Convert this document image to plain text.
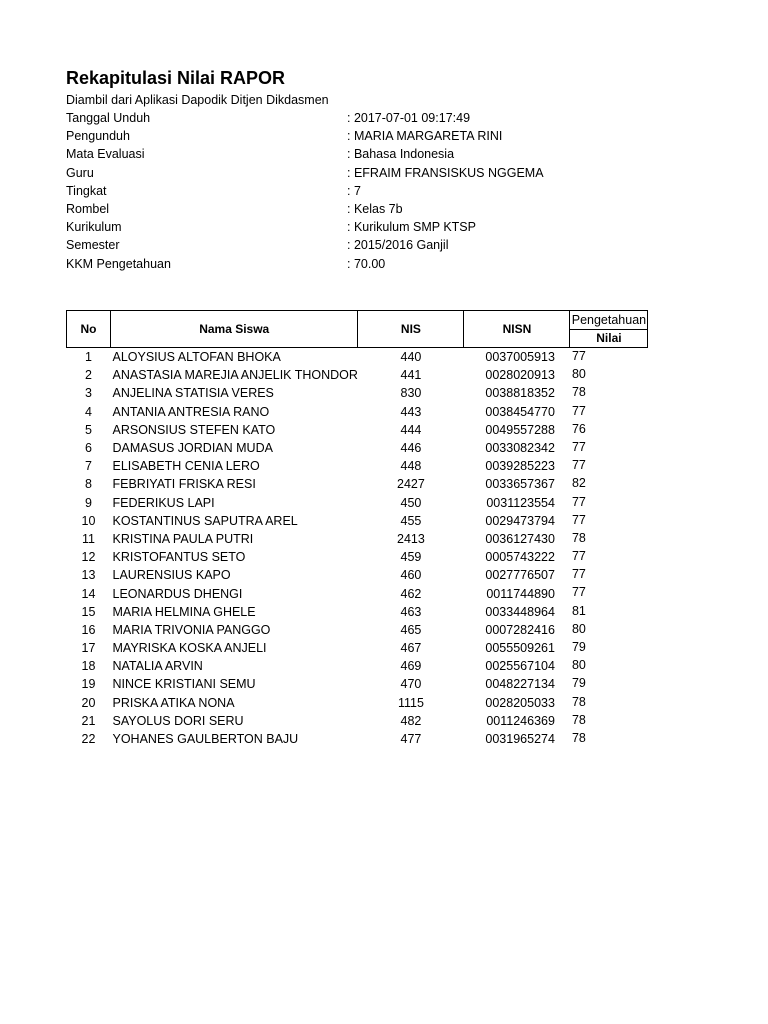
Rekapitulasi Nilai RAPOR
Diambil dari Aplikasi Dapodik Ditjen Dikdasmen
Tanggal Unduh	: 2017-07-01 09:17:49
Pengunduh	: MARIA MARGARETA RINI
Mata Evaluasi	: Bahasa Indonesia
Guru	: EFRAIM FRANSISKUS NGGEMA
Tingkat	: 7
Rombel	: Kelas 7b
Kurikulum	: Kurikulum SMP KTSP
Semester	: 2015/2016 Ganjil
KKM Pengetahuan	: 70.00
No	Nama Siswa	NIS	NISN	Pengetahuan
				Nilai
1	ALOYSIUS ALTOFAN BHOKA	440	0037005913	77
2	ANASTASIA MAREJIA ANJELIK THONDOR	441	0028020913	80
3	ANJELINA STATISIA VERES	830	0038818352	78
4	ANTANIA ANTRESIA RANO	443	0038454770	77
5	ARSONSIUS STEFEN KATO	444	0049557288	76
6	DAMASUS JORDIAN MUDA	446	0033082342	77
7	ELISABETH CENIA LERO	448	0039285223	77
8	FEBRIYATI FRISKA RESI	2427	0033657367	82
9	FEDERIKUS LAPI	450	0031123554	77
10	KOSTANTINUS SAPUTRA AREL	455	0029473794	77
11	KRISTINA PAULA PUTRI	2413	0036127430	78
12	KRISTOFANTUS SETO	459	0005743222	77
13	LAURENSIUS KAPO	460	0027776507	77
14	LEONARDUS DHENGI	462	0011744890	77
15	MARIA HELMINA GHELE	463	0033448964	81
16	MARIA TRIVONIA PANGGO	465	0007282416	80
17	MAYRISKA KOSKA ANJELI	467	0055509261	79
18	NATALIA ARVIN	469	0025567104	80
19	NINCE KRISTIANI SEMU	470	0048227134	79
20	PRISKA ATIKA NONA	1115	0028205033	78
21	SAYOLUS DORI SERU	482	0011246369	78
22	YOHANES GAULBERTON BAJU	477	0031965274	78
